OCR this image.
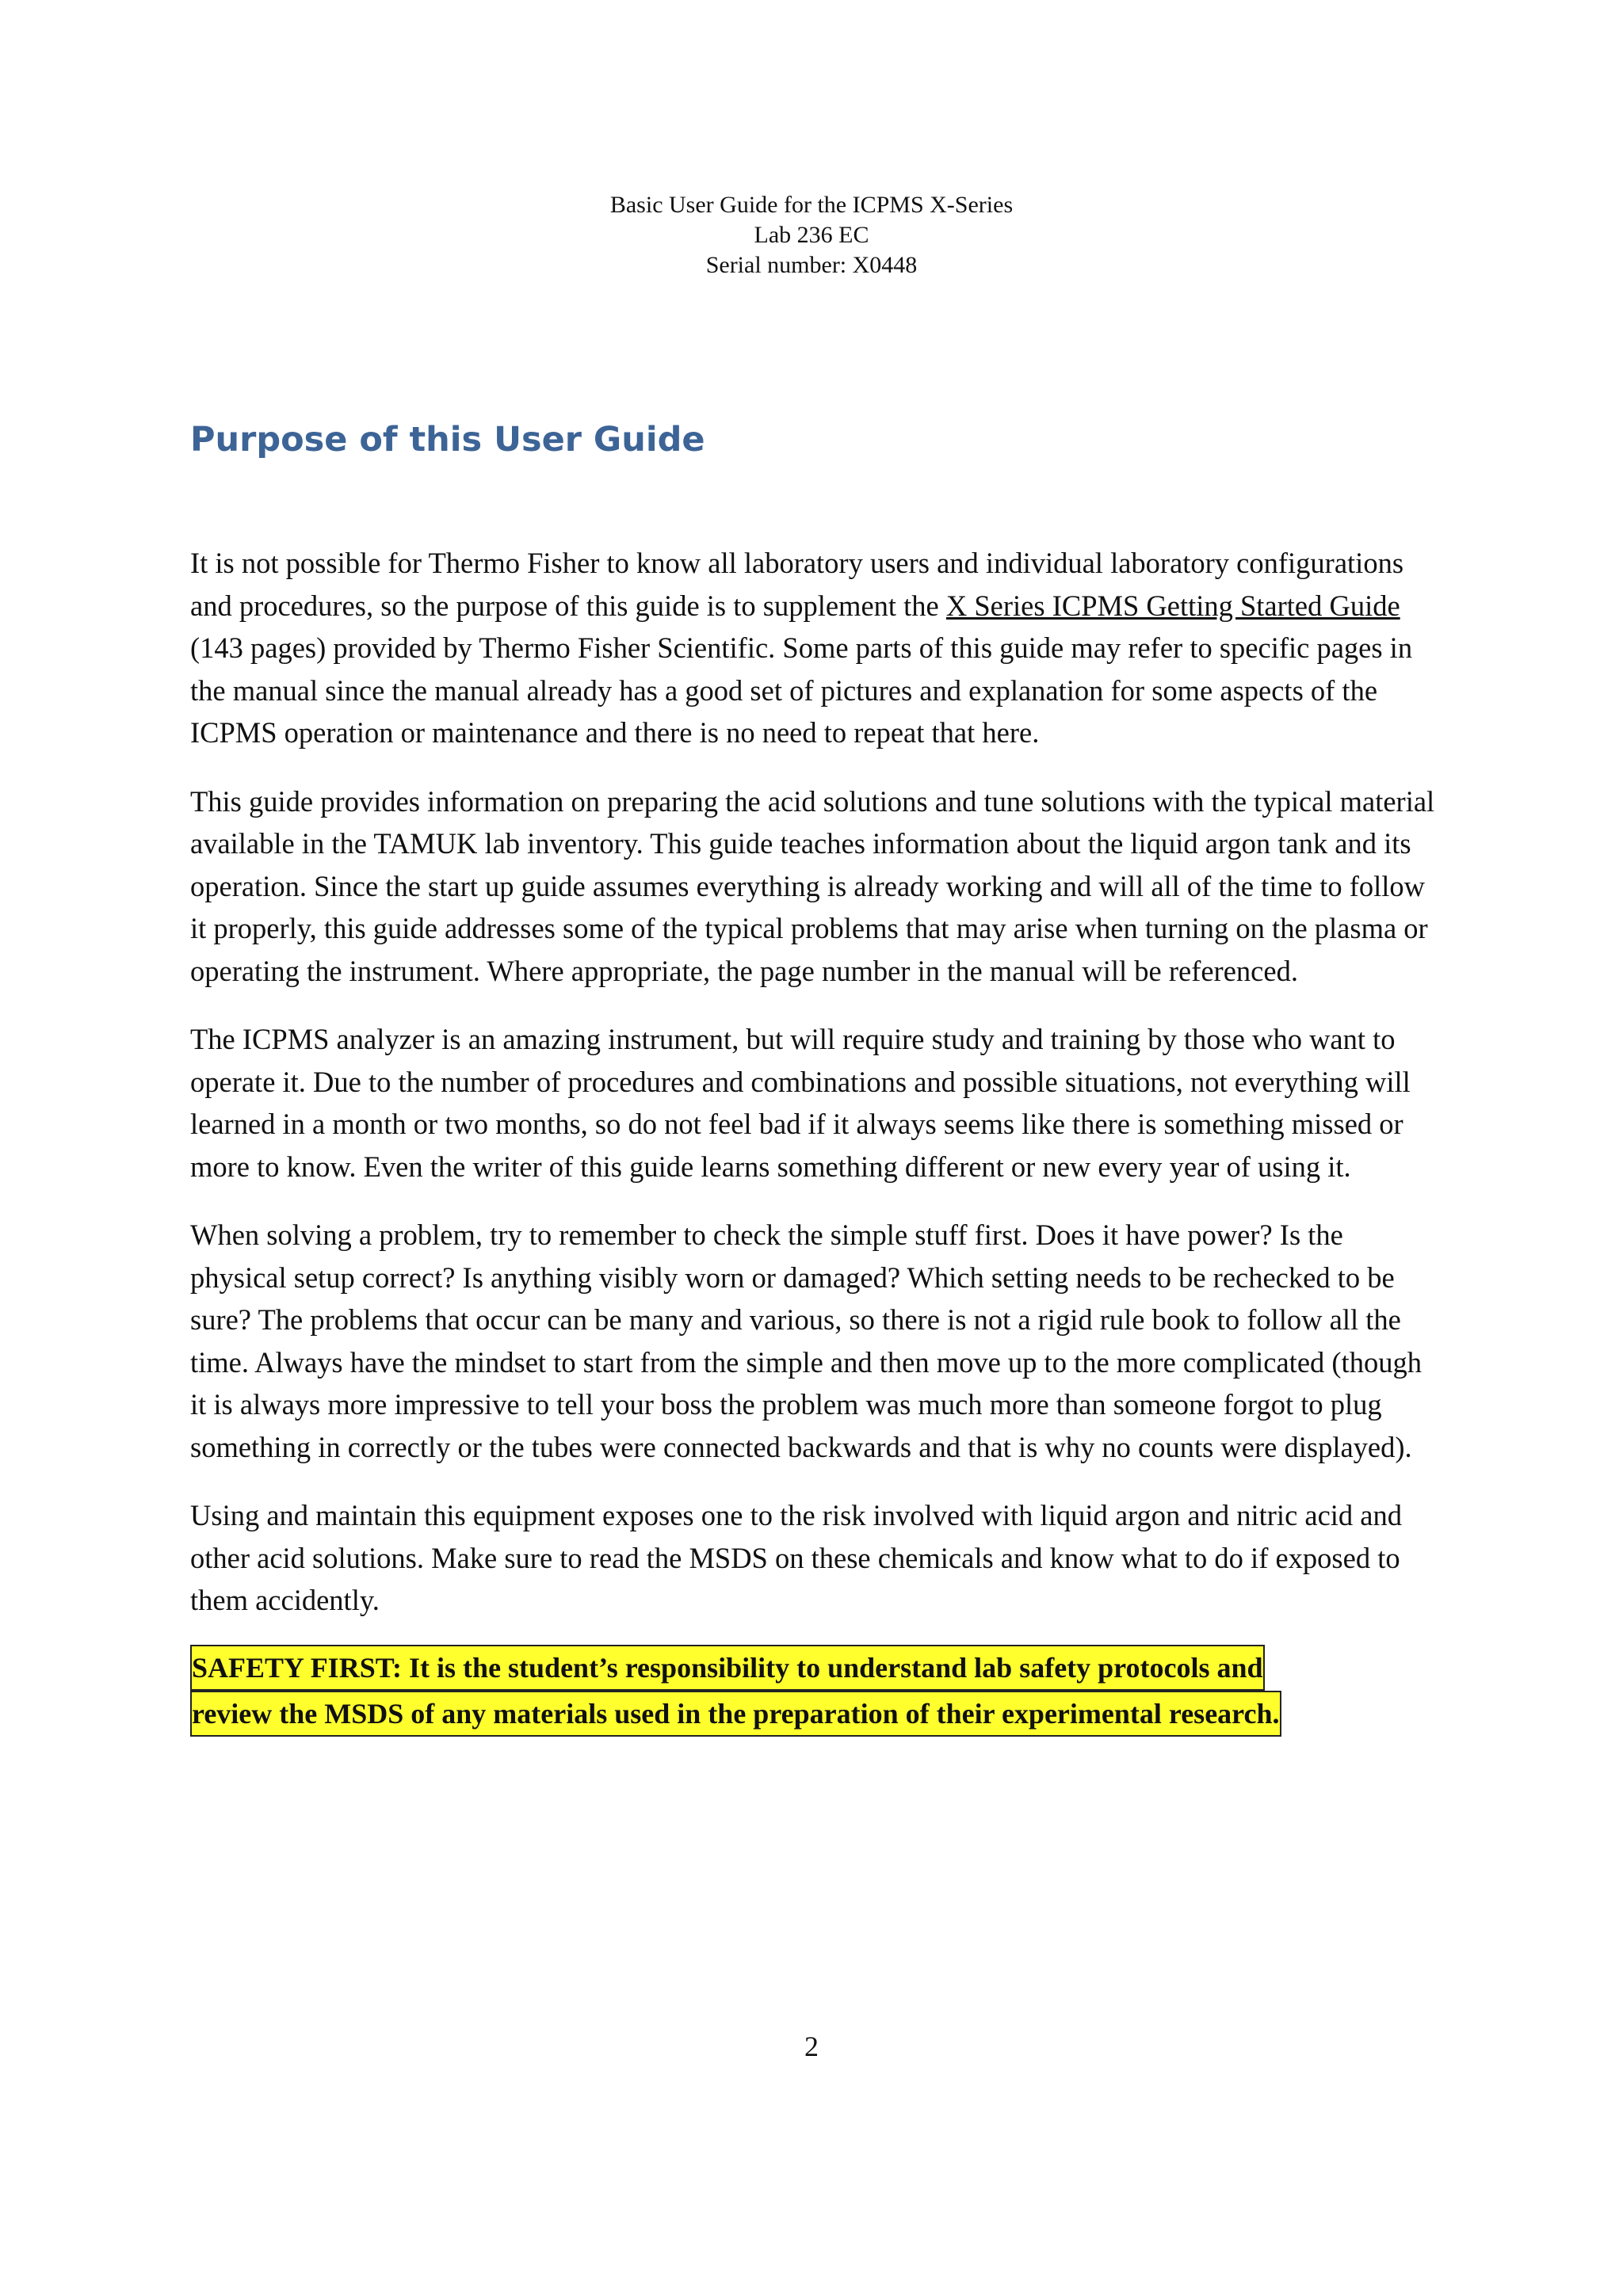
Basic User Guide for the ICPMS X-Series
Lab 236 EC
Serial number: X0448
Purpose of this User Guide

It is not possible for Thermo Fisher to know all laboratory users and individual laboratory configurations and procedures, so the purpose of this guide is to supplement the X Series ICPMS Getting Started Guide (143 pages) provided by Thermo Fisher Scientific. Some parts of this guide may refer to specific pages in the manual since the manual already has a good set of pictures and explanation for some aspects of the ICPMS operation or maintenance and there is no need to repeat that here.

This guide provides information on preparing the acid solutions and tune solutions with the typical material available in the TAMUK lab inventory. This guide teaches information about the liquid argon tank and its operation. Since the start up guide assumes everything is already working and will all of the time to follow it properly, this guide addresses some of the typical problems that may arise when turning on the plasma or operating the instrument. Where appropriate, the page number in the manual will be referenced.

The ICPMS analyzer is an amazing instrument, but will require study and training by those who want to operate it. Due to the number of procedures and combinations and possible situations, not everything will learned in a month or two months, so do not feel bad if it always seems like there is something missed or more to know. Even the writer of this guide learns something different or new every year of using it.

When solving a problem, try to remember to check the simple stuff first. Does it have power? Is the physical setup correct? Is anything visibly worn or damaged? Which setting needs to be rechecked to be sure? The problems that occur can be many and various, so there is not a rigid rule book to follow all the time. Always have the mindset to start from the simple and then move up to the more complicated (though it is always more impressive to tell your boss the problem was much more than someone forgot to plug something in correctly or the tubes were connected backwards and that is why no counts were displayed).

Using and maintain this equipment exposes one to the risk involved with liquid argon and nitric acid and other acid solutions. Make sure to read the MSDS on these chemicals and know what to do if exposed to them accidently.

SAFETY FIRST: It is the student’s responsibility to understand lab safety protocols and
review the MSDS of any materials used in the preparation of their experimental research.
2
